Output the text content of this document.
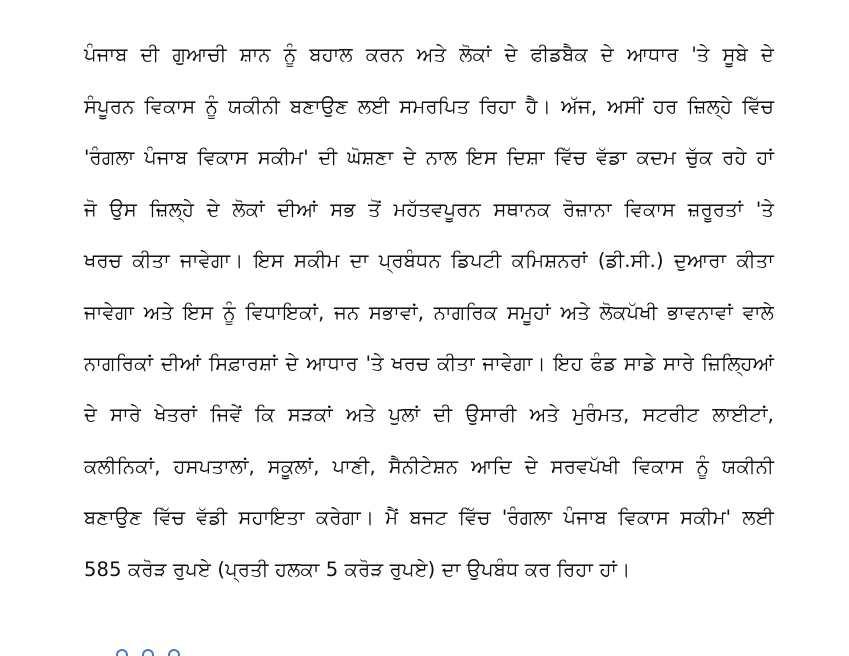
ਪੰਜਾਬ ਦੀ ਗੁਆਚੀ ਸ਼ਾਨ ਨੂੰ ਬਹਾਲ ਕਰਨ ਅਤੇ ਲੋਕਾਂ ਦੇ ਫੀਡਬੈਕ ਦੇ ਆਧਾਰ 'ਤੇ ਸੂਬੇ ਦੇ
ਸੰਪੂਰਨ ਵਿਕਾਸ ਨੂੰ ਯਕੀਨੀ ਬਣਾਉਣ ਲਈ ਸਮਰਪਿਤ ਰਿਹਾ ਹੈ। ਅੱਜ, ਅਸੀਂ ਹਰ ਜ਼ਿਲ੍ਹੇ ਵਿੱਚ
'ਰੰਗਲਾ ਪੰਜਾਬ ਵਿਕਾਸ ਸਕੀਮ' ਦੀ ਘੋਸ਼ਣਾ ਦੇ ਨਾਲ ਇਸ ਦਿਸ਼ਾ ਵਿੱਚ ਵੱਡਾ ਕਦਮ ਚੁੱਕ ਰਹੇ ਹਾਂ
ਜੋ ਉਸ ਜ਼ਿਲ੍ਹੇ ਦੇ ਲੋਕਾਂ ਦੀਆਂ ਸਭ ਤੋਂ ਮਹੱਤਵਪੂਰਨ ਸਥਾਨਕ ਰੋਜ਼ਾਨਾ ਵਿਕਾਸ ਜ਼ਰੂਰਤਾਂ 'ਤੇ
ਖਰਚ ਕੀਤਾ ਜਾਵੇਗਾ। ਇਸ ਸਕੀਮ ਦਾ ਪ੍ਰਬੰਧਨ ਡਿਪਟੀ ਕਮਿਸ਼ਨਰਾਂ (ਡੀ.ਸੀ.) ਦੁਆਰਾ ਕੀਤਾ
ਜਾਵੇਗਾ ਅਤੇ ਇਸ ਨੂੰ ਵਿਧਾਇਕਾਂ, ਜਨ ਸਭਾਵਾਂ, ਨਾਗਰਿਕ ਸਮੂਹਾਂ ਅਤੇ ਲੋਕਪੱਖੀ ਭਾਵਨਾਵਾਂ ਵਾਲੇ
ਨਾਗਰਿਕਾਂ ਦੀਆਂ ਸਿਫ਼ਾਰਸ਼ਾਂ ਦੇ ਆਧਾਰ 'ਤੇ ਖਰਚ ਕੀਤਾ ਜਾਵੇਗਾ। ਇਹ ਫੰਡ ਸਾਡੇ ਸਾਰੇ ਜ਼ਿਲ੍ਹਿਆਂ
ਦੇ ਸਾਰੇ ਖੇਤਰਾਂ ਜਿਵੇਂ ਕਿ ਸੜਕਾਂ ਅਤੇ ਪੁਲਾਂ ਦੀ ਉਸਾਰੀ ਅਤੇ ਮੁਰੰਮਤ, ਸਟਰੀਟ ਲਾਈਟਾਂ,
ਕਲੀਨਿਕਾਂ, ਹਸਪਤਾਲਾਂ, ਸਕੂਲਾਂ, ਪਾਣੀ, ਸੈਨੀਟੇਸ਼ਨ ਆਦਿ ਦੇ ਸਰਵਪੱਖੀ ਵਿਕਾਸ ਨੂੰ ਯਕੀਨੀ
ਬਣਾਉਣ ਵਿੱਚ ਵੱਡੀ ਸਹਾਇਤਾ ਕਰੇਗਾ। ਮੈਂ ਬਜਟ ਵਿੱਚ 'ਰੰਗਲਾ ਪੰਜਾਬ ਵਿਕਾਸ ਸਕੀਮ' ਲਈ
585 ਕਰੋੜ ਰੁਪਏ (ਪ੍ਰਤੀ ਹਲਕਾ 5 ਕਰੋੜ ਰੁਪਏ) ਦਾ ਉਪਬੰਧ ਕਰ ਰਿਹਾ ਹਾਂ।
